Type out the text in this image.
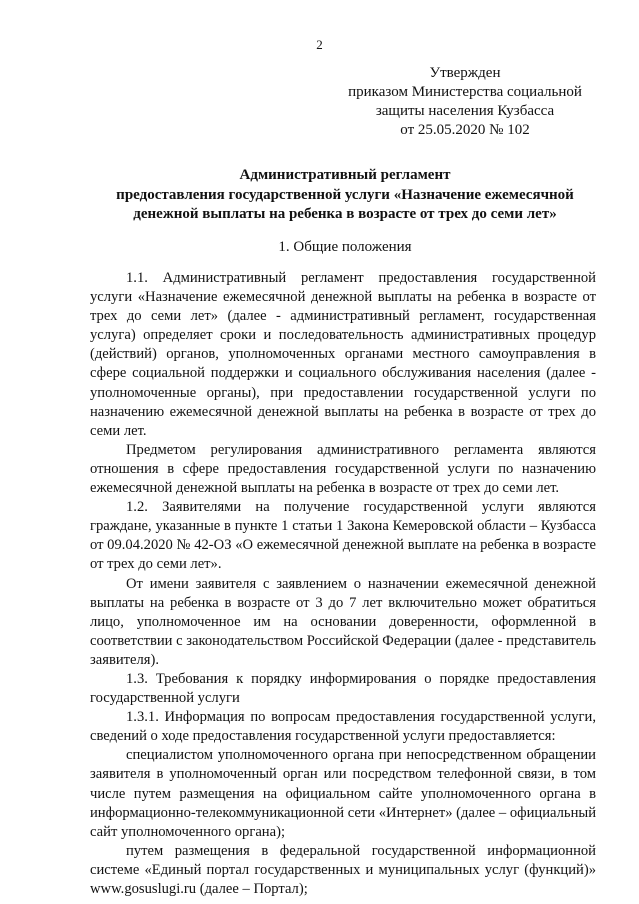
2
Утвержден
приказом Министерства социальной
защиты населения Кузбасса
от 25.05.2020 № 102
Административный регламент
предоставления государственной услуги «Назначение ежемесячной
денежной выплаты на ребенка в возрасте от трех до семи лет»
1. Общие положения

1.1. Административный регламент предоставления государственной услуги «Назначение ежемесячной денежной выплаты на ребенка в возрасте от трех до семи лет» (далее - административный регламент, государственная услуга) определяет сроки и последовательность административных процедур (действий) органов, уполномоченных органами местного самоуправления в сфере социальной поддержки и социального обслуживания населения (далее - уполномоченные органы), при предоставлении государственной услуги по назначению ежемесячной денежной выплаты на ребенка в возрасте от трех до семи лет.

Предметом регулирования административного регламента являются отношения в сфере предоставления государственной услуги по назначению ежемесячной денежной выплаты на ребенка в возрасте от трех до семи лет.

1.2. Заявителями на получение государственной услуги являются граждане, указанные в пункте 1 статьи 1 Закона Кемеровской области – Кузбасса от 09.04.2020 № 42-ОЗ «О ежемесячной денежной выплате на ребенка в возрасте от трех до семи лет».

От имени заявителя с заявлением о назначении ежемесячной денежной выплаты на ребенка в возрасте от 3 до 7 лет включительно может обратиться лицо, уполномоченное им на основании доверенности, оформленной в соответствии с законодательством Российской Федерации (далее - представитель заявителя).

1.3. Требования к порядку информирования о порядке предоставления государственной услуги

1.3.1. Информация по вопросам предоставления государственной услуги, сведений о ходе предоставления государственной услуги предоставляется:

специалистом уполномоченного органа при непосредственном обращении заявителя в уполномоченный орган или посредством телефонной связи, в том числе путем размещения на официальном сайте уполномоченного органа в информационно-телекоммуникационной сети «Интернет» (далее – официальный сайт уполномоченного органа);

путем размещения в федеральной государственной информационной системе «Единый портал государственных и муниципальных услуг (функций)» www.gosuslugi.ru (далее – Портал);
